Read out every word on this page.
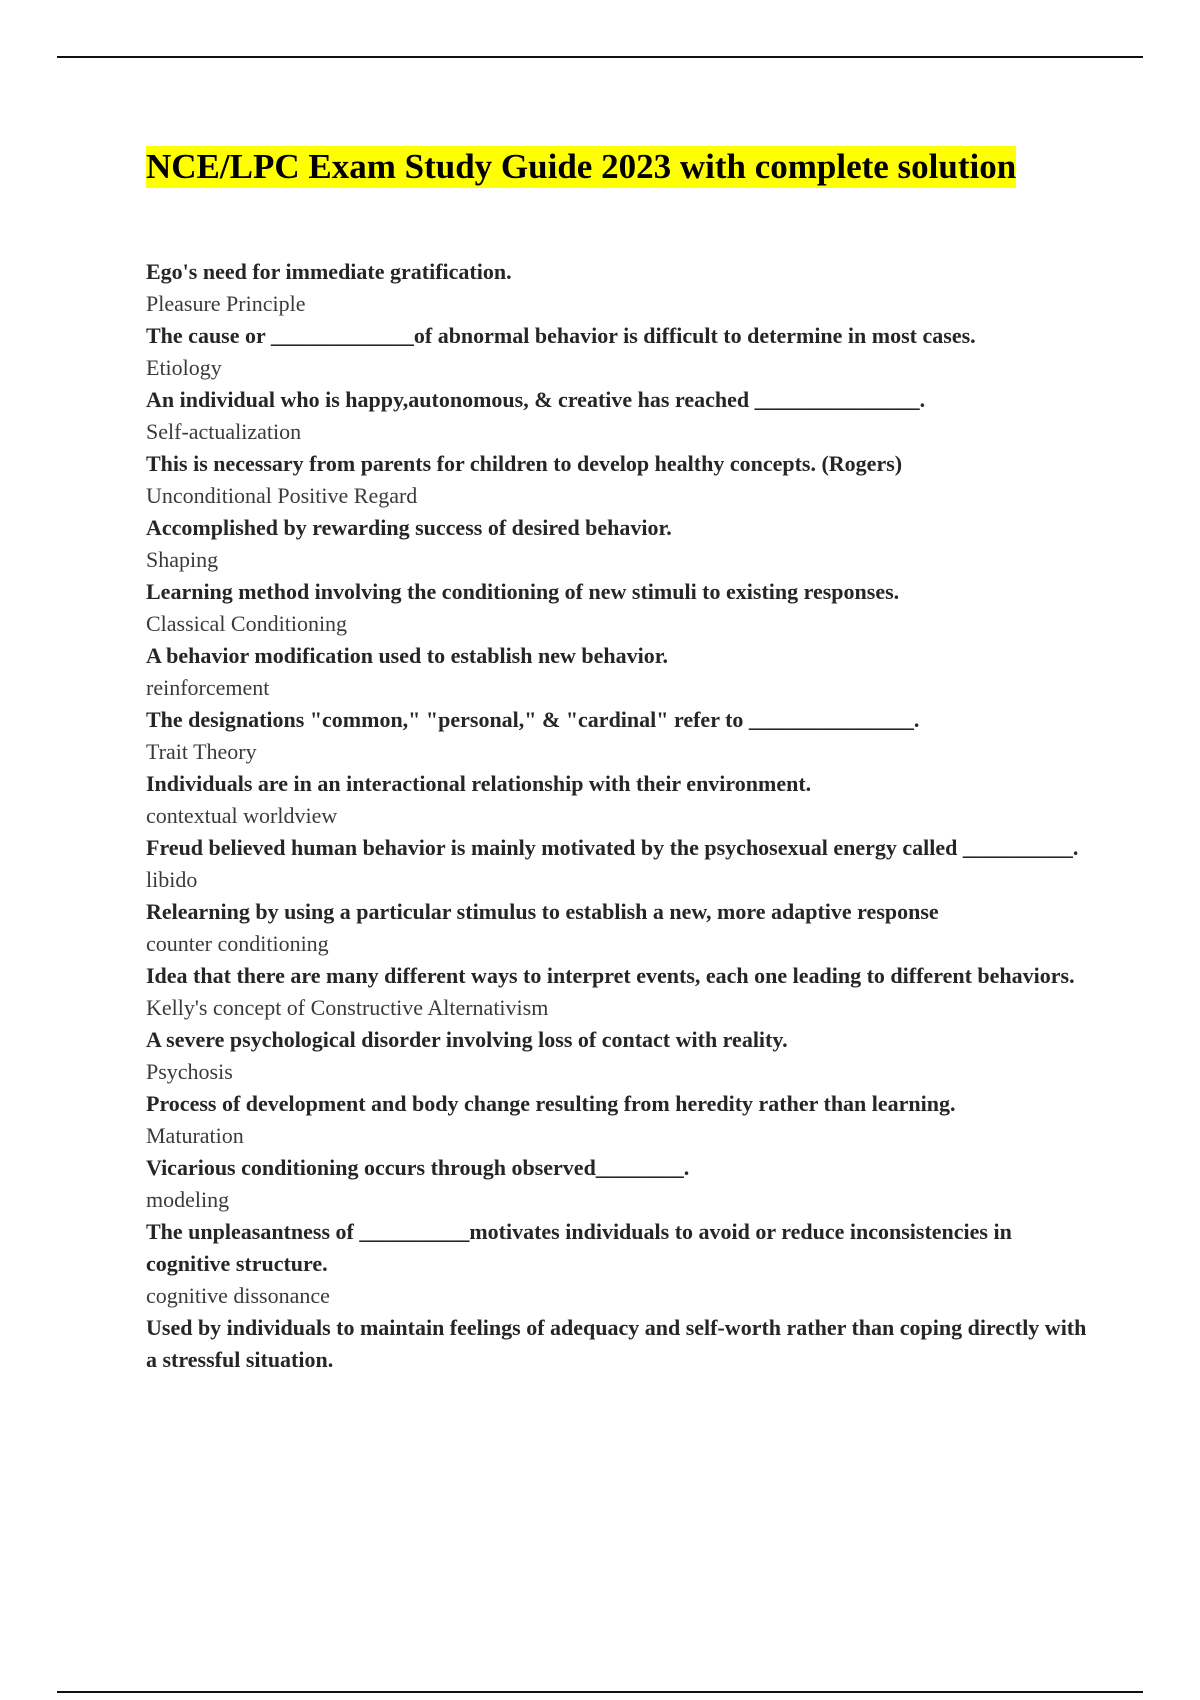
NCE/LPC Exam Study Guide 2023 with complete solution

Ego's need for immediate gratification.

Pleasure Principle

The cause or _____________of abnormal behavior is difficult to determine in most cases.

Etiology

An individual who is happy,autonomous, & creative has reached _______________.

Self-actualization

This is necessary from parents for children to develop healthy concepts. (Rogers)

Unconditional Positive Regard

Accomplished by rewarding success of desired behavior.

Shaping

Learning method involving the conditioning of new stimuli to existing responses.

Classical Conditioning

A behavior modification used to establish new behavior.

reinforcement

The designations "common," "personal," & "cardinal" refer to _______________.

Trait Theory

Individuals are in an interactional relationship with their environment.

contextual worldview

Freud believed human behavior is mainly motivated by the psychosexual energy called __________.

libido

Relearning by using a particular stimulus to establish a new, more adaptive response

counter conditioning

Idea that there are many different ways to interpret events, each one leading to different behaviors.

Kelly's concept of Constructive Alternativism

A severe psychological disorder involving loss of contact with reality.

Psychosis

Process of development and body change resulting from heredity rather than learning.

Maturation

Vicarious conditioning occurs through observed________.

modeling

The unpleasantness of __________motivates individuals to avoid or reduce inconsistencies in cognitive structure.

cognitive dissonance

Used by individuals to maintain feelings of adequacy and self-worth rather than coping directly with a stressful situation.
